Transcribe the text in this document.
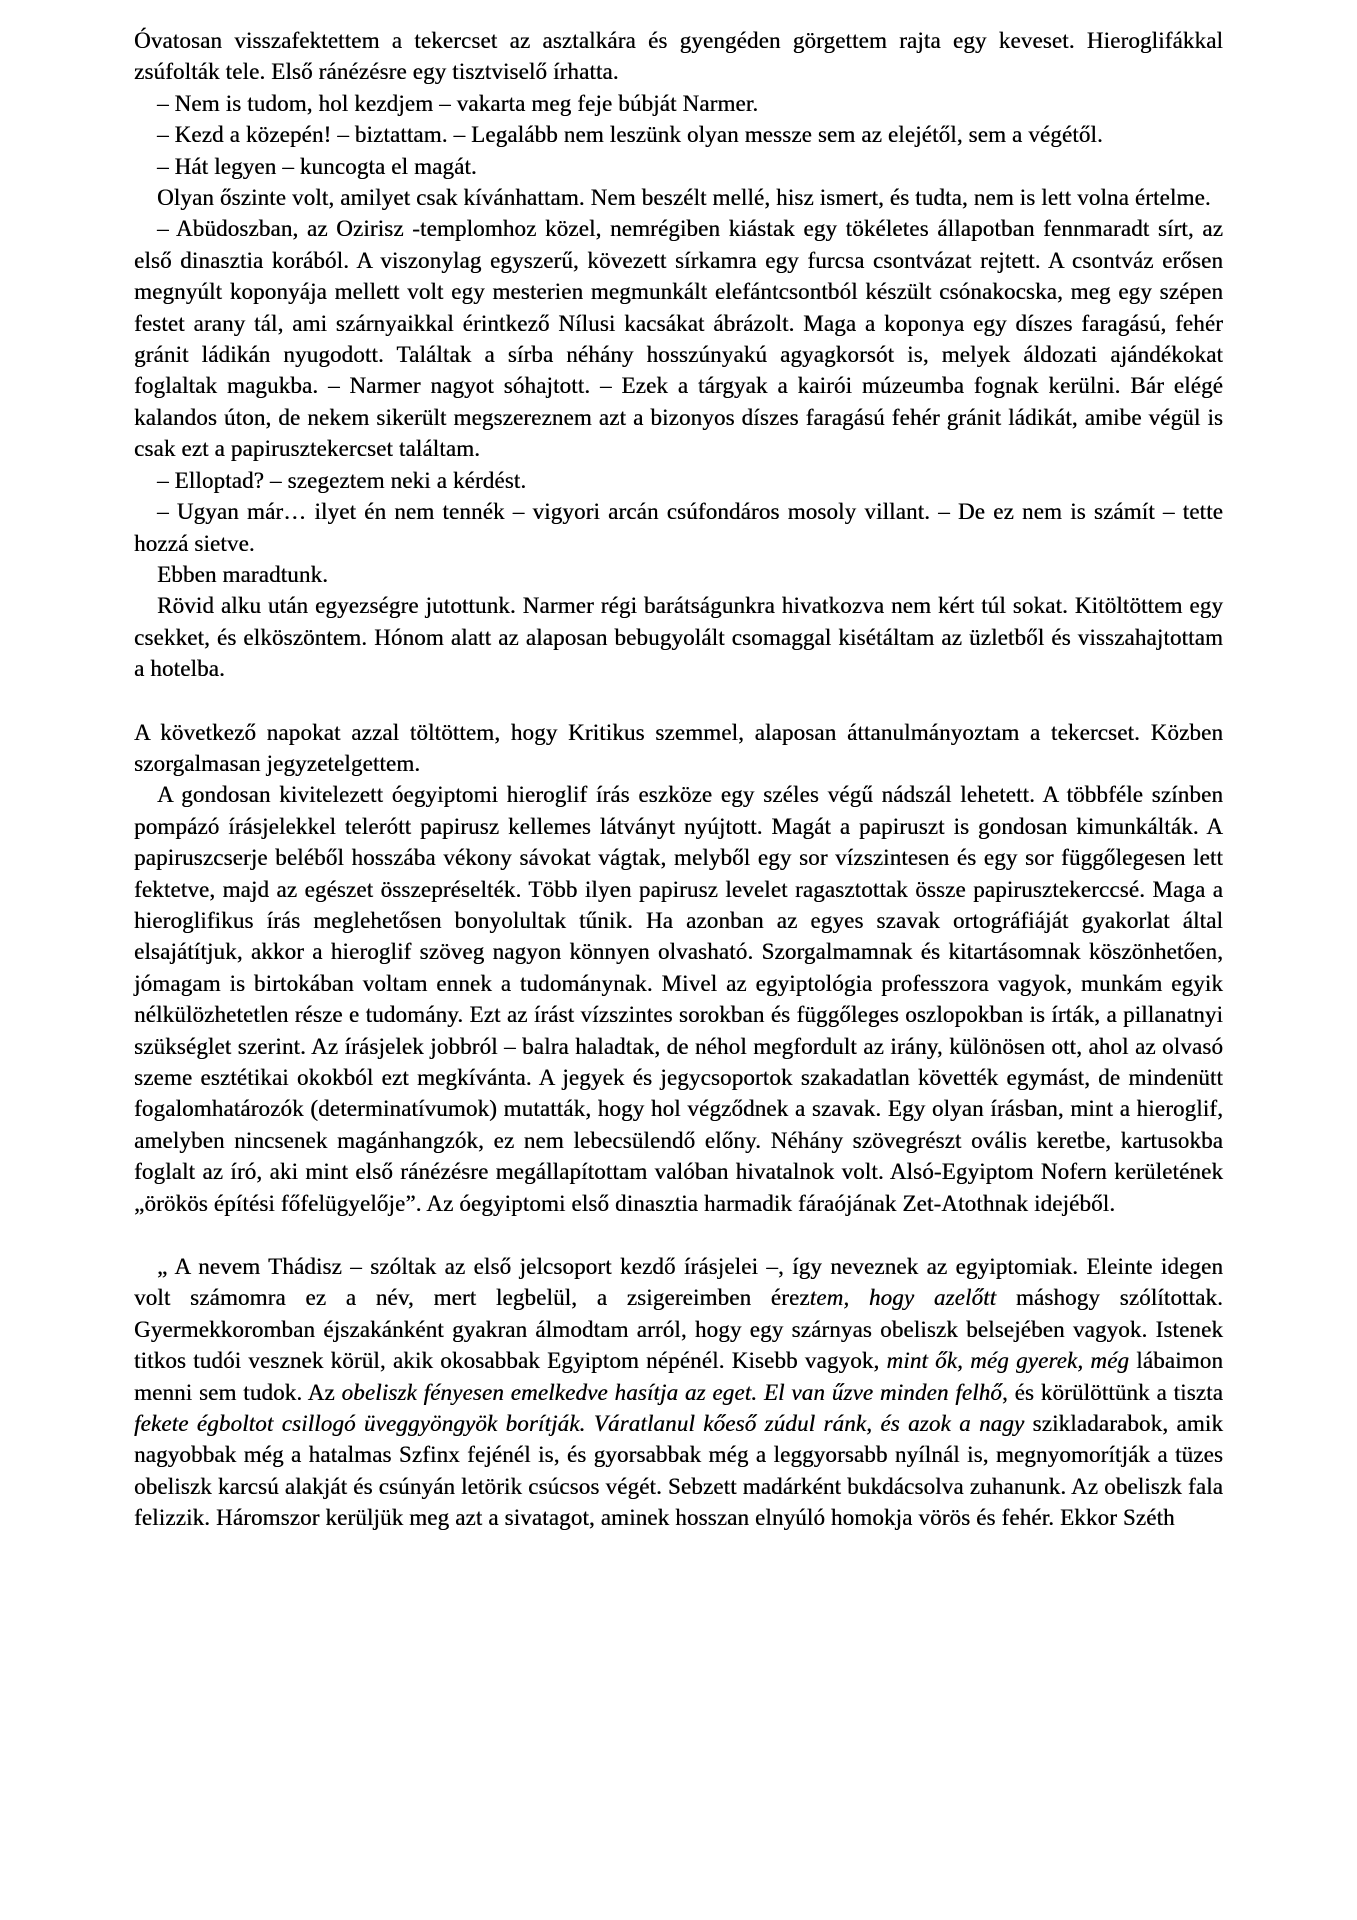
Óvatosan visszafektettem a tekercset az asztalkára és gyengéden görgettem rajta egy keveset. Hieroglifákkal zsúfolták tele. Első ránézésre egy tisztviselő írhatta.

– Nem is tudom, hol kezdjem – vakarta meg feje búbját Narmer.

– Kezd a közepén! – biztattam. – Legalább nem leszünk olyan messze sem az elejétől, sem a végétől.

– Hát legyen – kuncogta el magát.

Olyan őszinte volt, amilyet csak kívánhattam. Nem beszélt mellé, hisz ismert, és tudta, nem is lett volna értelme.

– Abüdoszban, az Ozirisz -templomhoz közel, nemrégiben kiástak egy tökéletes állapotban fennmaradt sírt, az első dinasztia korából. A viszonylag egyszerű, kövezett sírkamra egy furcsa csontvázat rejtett. A csontváz erősen megnyúlt koponyája mellett volt egy mesterien megmunkált elefántcsontból készült csónakocska, meg egy szépen festet arany tál, ami szárnyaikkal érintkező Nílusi kacsákat ábrázolt. Maga a koponya egy díszes faragású, fehér gránit ládikán nyugodott. Találtak a sírba néhány hosszúnyakú agyagkorsót is, melyek áldozati ajándékokat foglaltak magukba. – Narmer nagyot sóhajtott. – Ezek a tárgyak a kairói múzeumba fognak kerülni. Bár elégé kalandos úton, de nekem sikerült megszereznem azt a bizonyos díszes faragású fehér gránit ládikát, amibe végül is csak ezt a papirusztekercset találtam.

– Elloptad? – szegeztem neki a kérdést.

– Ugyan már… ilyet én nem tennék – vigyori arcán csúfondáros mosoly villant. – De ez nem is számít – tette hozzá sietve.

Ebben maradtunk.

Rövid alku után egyezségre jutottunk. Narmer régi barátságunkra hivatkozva nem kért túl sokat. Kitöltöttem egy csekket, és elköszöntem. Hónom alatt az alaposan bebugyolált csomaggal kisétáltam az üzletből és visszahajtottam a hotelba.

A következő napokat azzal töltöttem, hogy Kritikus szemmel, alaposan áttanulmányoztam a tekercset. Közben szorgalmasan jegyzetelgettem.

A gondosan kivitelezett óegyiptomi hieroglif írás eszköze egy széles végű nádszál lehetett. A többféle színben pompázó írásjelekkel telerótt papirusz kellemes látványt nyújtott. Magát a papiruszt is gondosan kimunkálták. A papiruszcserje beléből hosszába vékony sávokat vágtak, melyből egy sor vízszintesen és egy sor függőlegesen lett fektetve, majd az egészet összepréselték. Több ilyen papirusz levelet ragasztottak össze papirusztekerccsé. Maga a hieroglifikus írás meglehetősen bonyolultak tűnik. Ha azonban az egyes szavak ortográfiáját gyakorlat által elsajátítjuk, akkor a hieroglif szöveg nagyon könnyen olvasható. Szorgalmamnak és kitartásomnak köszönhetően, jómagam is birtokában voltam ennek a tudománynak. Mivel az egyiptológia professzora vagyok, munkám egyik nélkülözhetetlen része e tudomány. Ezt az írást vízszintes sorokban és függőleges oszlopokban is írták, a pillanatnyi szükséglet szerint. Az írásjelek jobbról – balra haladtak, de néhol megfordult az irány, különösen ott, ahol az olvasó szeme esztétikai okokból ezt megkívánta. A jegyek és jegycsoportok szakadatlan követték egymást, de mindenütt fogalomhatározók (determinatívumok) mutatták, hogy hol végződnek a szavak. Egy olyan írásban, mint a hieroglif, amelyben nincsenek magánhangzók, ez nem lebecsülendő előny. Néhány szövegrészt ovális keretbe, kartusokba foglalt az író, aki mint első ránézésre megállapítottam valóban hivatalnok volt. Alsó-Egyiptom Nofern kerületének „örökös építési főfelügyelője”. Az óegyiptomi első dinasztia harmadik fáraójának Zet-Atothnak idejéből.

„ A nevem Thádisz – szóltak az első jelcsoport kezdő írásjelei –, így neveznek az egyiptomiak. Eleinte idegen volt számomra ez a név, mert legbelül, a zsigereimben éreztem, hogy azelőtt máshogy szólítottak. Gyermekkoromban éjszakánként gyakran álmodtam arról, hogy egy szárnyas obeliszk belsejében vagyok. Istenek titkos tudói vesznek körül, akik okosabbak Egyiptom népénél. Kisebb vagyok, mint ők, még gyerek, még lábaimon menni sem tudok. Az obeliszk fényesen emelkedve hasítja az eget. El van űzve minden felhő, és körülöttünk a tiszta fekete égboltot csillogó üveggyöngyök borítják. Váratlanul kőeső zúdul ránk, és azok a nagy szikladarabok, amik nagyobbak még a hatalmas Szfinx fejénél is, és gyorsabbak még a leggyorsabb nyílnál is, megnyomorítják a tüzes obeliszk karcsú alakját és csúnyán letörik csúcsos végét. Sebzett madárként bukdácsolva zuhanunk. Az obeliszk fala felizzik. Háromszor kerüljük meg azt a sivatagot, aminek hosszan elnyúló homokja vörös és fehér. Ekkor Széth
